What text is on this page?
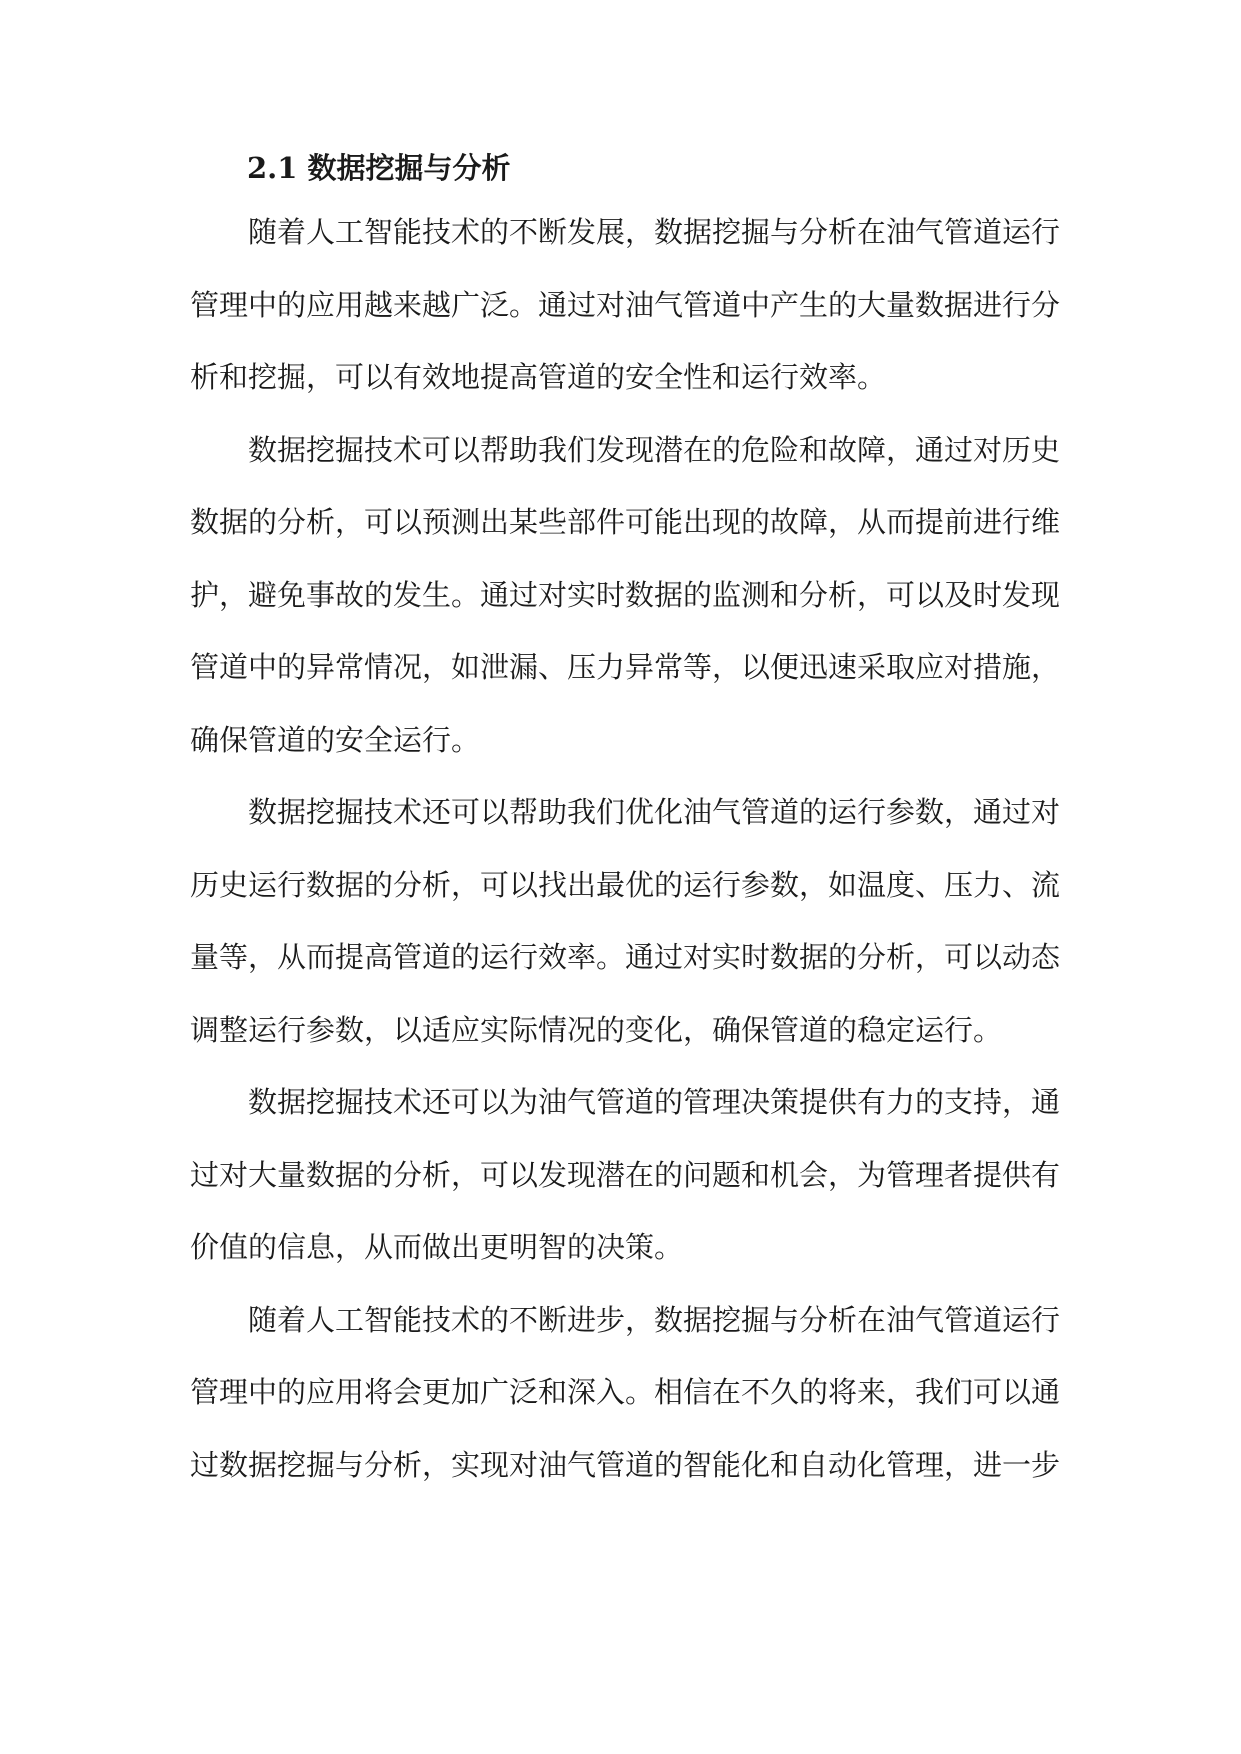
2.1 数据挖掘与分析

随着人工智能技术的不断发展，数据挖掘与分析在油气管道运行管理中的应用越来越广泛。通过对油气管道中产生的大量数据进行分析和挖掘，可以有效地提高管道的安全性和运行效率。

数据挖掘技术可以帮助我们发现潜在的危险和故障，通过对历史数据的分析，可以预测出某些部件可能出现的故障，从而提前进行维护，避免事故的发生。通过对实时数据的监测和分析，可以及时发现管道中的异常情况，如泄漏、压力异常等，以便迅速采取应对措施，确保管道的安全运行。

数据挖掘技术还可以帮助我们优化油气管道的运行参数，通过对历史运行数据的分析，可以找出最优的运行参数，如温度、压力、流量等，从而提高管道的运行效率。通过对实时数据的分析，可以动态调整运行参数，以适应实际情况的变化，确保管道的稳定运行。

数据挖掘技术还可以为油气管道的管理决策提供有力的支持，通过对大量数据的分析，可以发现潜在的问题和机会，为管理者提供有价值的信息，从而做出更明智的决策。

随着人工智能技术的不断进步，数据挖掘与分析在油气管道运行管理中的应用将会更加广泛和深入。相信在不久的将来，我们可以通过数据挖掘与分析，实现对油气管道的智能化和自动化管理，进一步
